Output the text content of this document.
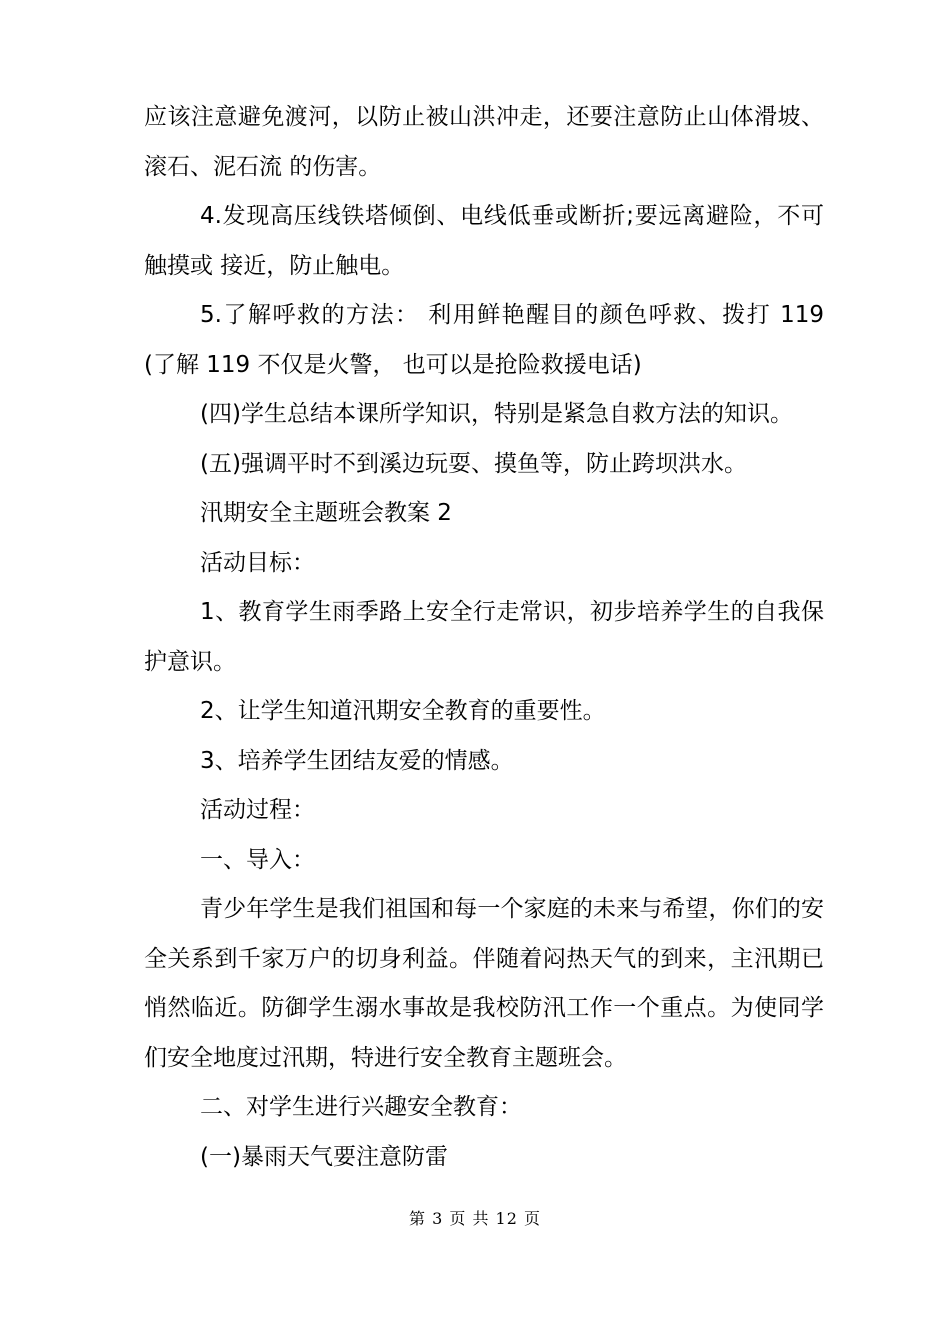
应该注意避免渡河，以防止被山洪冲走，还要注意防止山体滑坡、滚石、泥石流 的伤害。

4.发现高压线铁塔倾倒、电线低垂或断折;要远离避险，不可触摸或 接近，防止触电。

5.了解呼救的方法： 利用鲜艳醒目的颜色呼救、拨打 119 (了解 119 不仅是火警， 也可以是抢险救援电话)

(四)学生总结本课所学知识，特别是紧急自救方法的知识。

(五)强调平时不到溪边玩耍、摸鱼等，防止跨坝洪水。

汛期安全主题班会教案 2

活动目标：

1、教育学生雨季路上安全行走常识，初步培养学生的自我保护意识。

2、让学生知道汛期安全教育的重要性。

3、培养学生团结友爱的情感。

活动过程：

一、导入：

青少年学生是我们祖国和每一个家庭的未来与希望，你们的安全关系到千家万户的切身利益。伴随着闷热天气的到来，主汛期已悄然临近。防御学生溺水事故是我校防汛工作一个重点。为使同学们安全地度过汛期，特进行安全教育主题班会。

二、对学生进行兴趣安全教育：

(一)暴雨天气要注意防雷

第 3 页 共 12 页
